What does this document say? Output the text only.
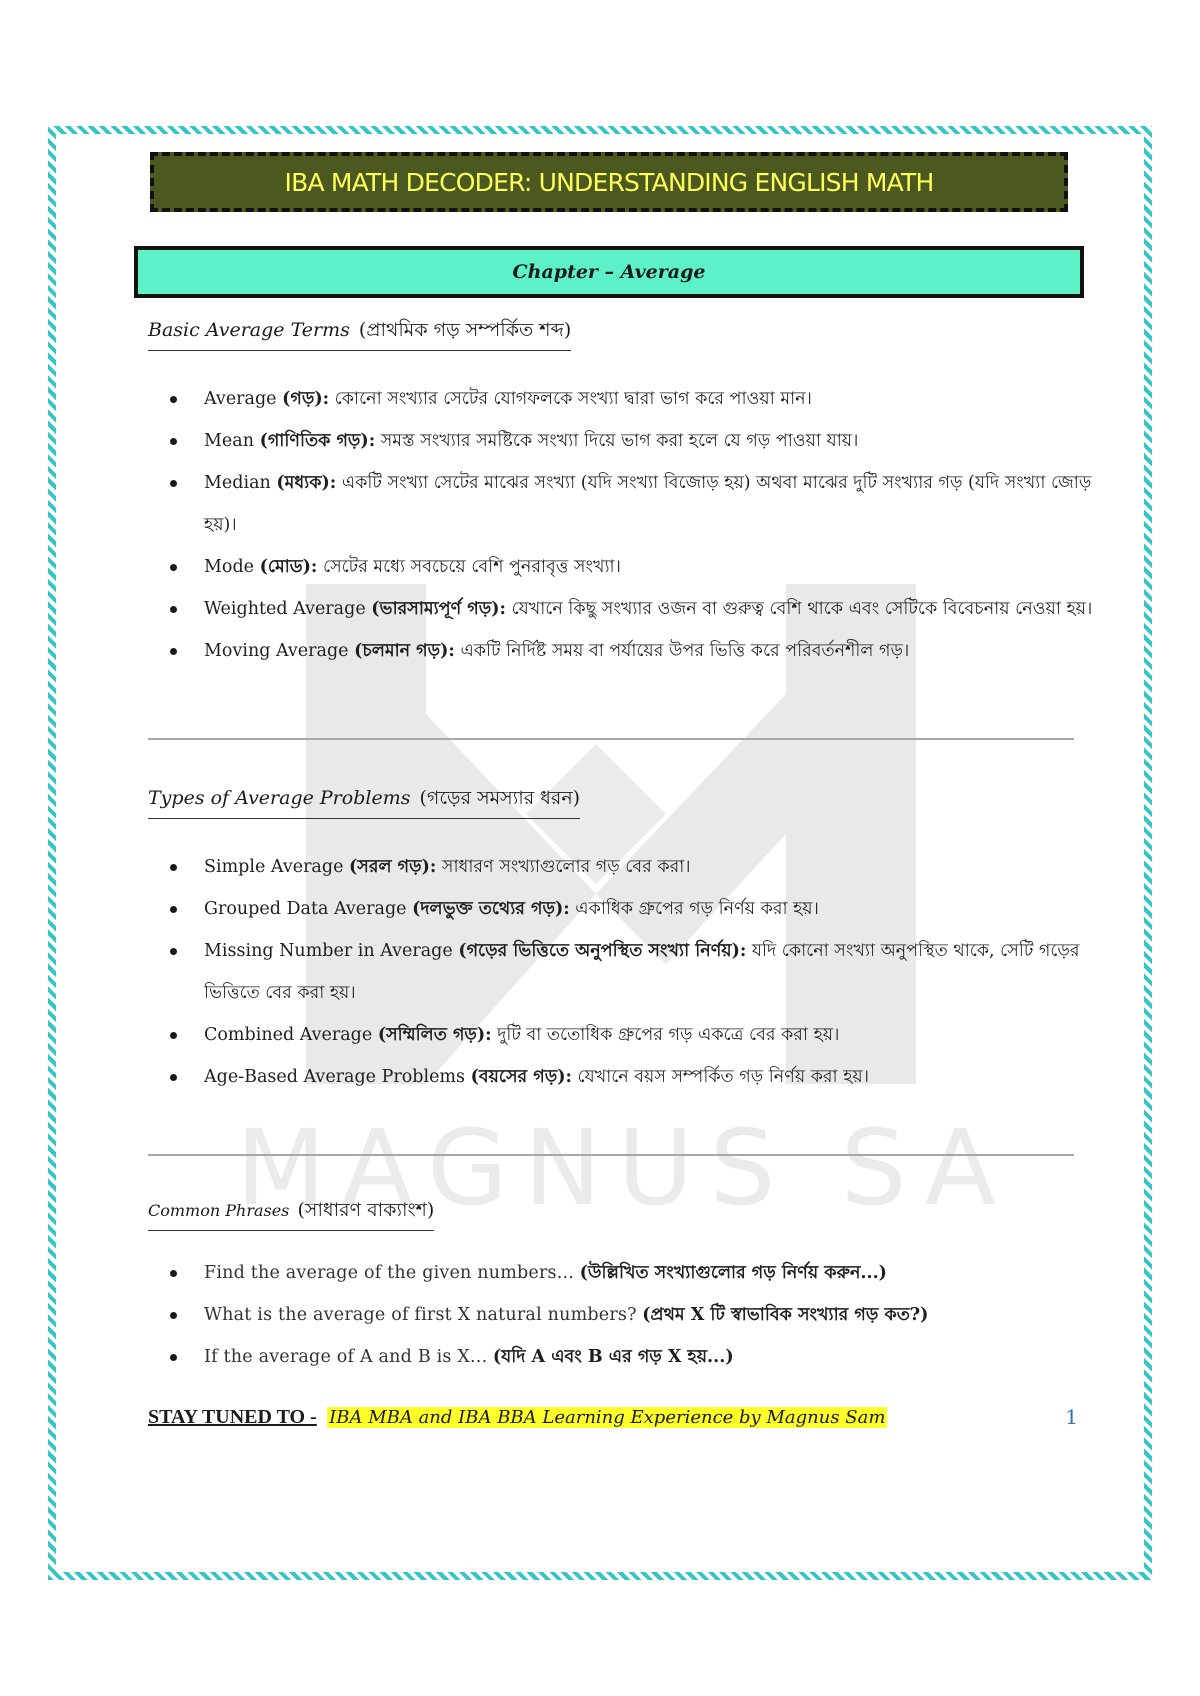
MAGNUS SA
IBA MATH DECODER: UNDERSTANDING ENGLISH MATH
Chapter – Average
Basic Average Terms (প্রাথমিক গড় সম্পর্কিত শব্দ)
Average (গড়): কোনো সংখ্যার সেটের যোগফলকে সংখ্যা দ্বারা ভাগ করে পাওয়া মান।
Mean (গাণিতিক গড়): সমস্ত সংখ্যার সমষ্টিকে সংখ্যা দিয়ে ভাগ করা হলে যে গড় পাওয়া যায়।
Median (মধ্যক): একটি সংখ্যা সেটের মাঝের সংখ্যা (যদি সংখ্যা বিজোড় হয়) অথবা মাঝের দুটি সংখ্যার গড় (যদি সংখ্যা জোড় হয়)।
Mode (মোড): সেটের মধ্যে সবচেয়ে বেশি পুনরাবৃত্ত সংখ্যা।
Weighted Average (ভারসাম্যপূর্ণ গড়): যেখানে কিছু সংখ্যার ওজন বা গুরুত্ব বেশি থাকে এবং সেটিকে বিবেচনায় নেওয়া হয়।
Moving Average (চলমান গড়): একটি নির্দিষ্ট সময় বা পর্যায়ের উপর ভিত্তি করে পরিবর্তনশীল গড়।
Types of Average Problems (গড়ের সমস্যার ধরন)
Simple Average (সরল গড়): সাধারণ সংখ্যাগুলোর গড় বের করা।
Grouped Data Average (দলভুক্ত তথ্যের গড়): একাধিক গ্রুপের গড় নির্ণয় করা হয়।
Missing Number in Average (গড়ের ভিত্তিতে অনুপস্থিত সংখ্যা নির্ণয়): যদি কোনো সংখ্যা অনুপস্থিত থাকে, সেটি গড়ের ভিত্তিতে বের করা হয়।
Combined Average (সম্মিলিত গড়): দুটি বা ততোধিক গ্রুপের গড় একত্রে বের করা হয়।
Age-Based Average Problems (বয়সের গড়): যেখানে বয়স সম্পর্কিত গড় নির্ণয় করা হয়।
Common Phrases (সাধারণ বাক্যাংশ)
Find the average of the given numbers... (উল্লিখিত সংখ্যাগুলোর গড় নির্ণয় করুন...)
What is the average of first X natural numbers? (প্রথম X টি স্বাভাবিক সংখ্যার গড় কত?)
If the average of A and B is X... (যদি A এবং B এর গড় X হয়...)
STAY TUNED TO - IBA MBA and IBA BBA Learning Experience by Magnus Sam	1
